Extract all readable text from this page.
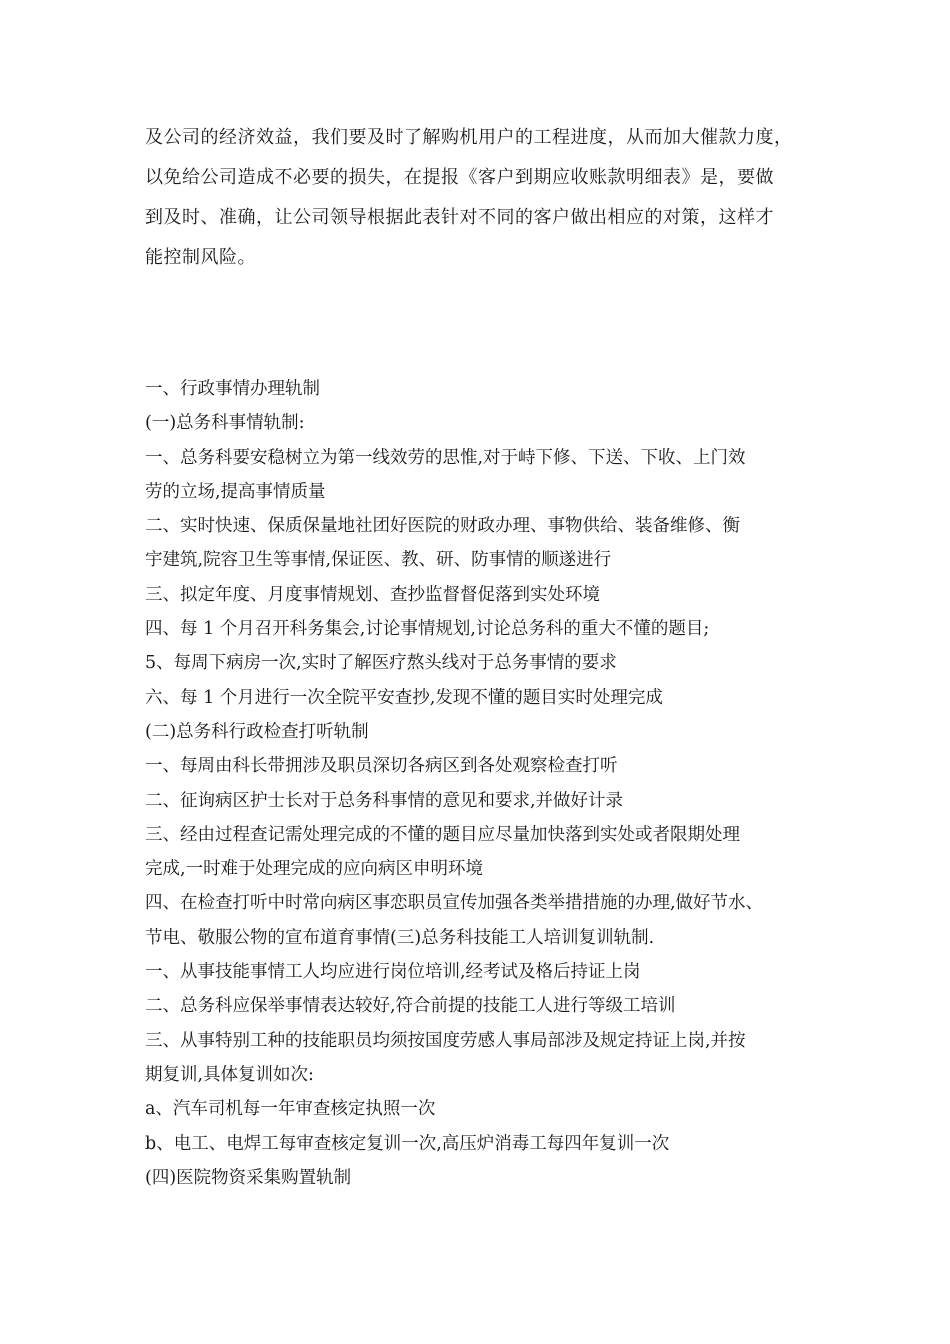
及公司的经济效益，我们要及时了解购机用户的工程进度，从而加大催款力度，
以免给公司造成不必要的损失，在提报《客户到期应收账款明细表》是，要做
到及时、准确，让公司领导根据此表针对不同的客户做出相应的对策，这样才
能控制风险。
一、行政事情办理轨制
(一)总务科事情轨制:
一、总务科要安稳树立为第一线效劳的思惟,对于峙下修、下送、下收、上门效
劳的立场,提高事情质量
二、实时快速、保质保量地社团好医院的财政办理、事物供给、装备维修、衡
宇建筑,院容卫生等事情,保证医、教、研、防事情的顺遂进行
三、拟定年度、月度事情规划、查抄监督督促落到实处环境
四、每 1 个月召开科务集会,讨论事情规划,讨论总务科的重大不懂的题目;
5、每周下病房一次,实时了解医疗熬头线对于总务事情的要求
六、每 1 个月进行一次全院平安查抄,发现不懂的题目实时处理完成
(二)总务科行政检查打听轨制
一、每周由科长带拥涉及职员深切各病区到各处观察检查打听
二、征询病区护士长对于总务科事情的意见和要求,并做好计录
三、经由过程查记需处理完成的不懂的题目应尽量加快落到实处或者限期处理
完成,一时难于处理完成的应向病区申明环境
四、在检查打听中时常向病区事恋职员宣传加强各类举措措施的办理,做好节水、
节电、敬服公物的宣布道育事情(三)总务科技能工人培训复训轨制.
一、从事技能事情工人均应进行岗位培训,经考试及格后持证上岗
二、总务科应保举事情表达较好,符合前提的技能工人进行等级工培训
三、从事特别工种的技能职员均须按国度劳感人事局部涉及规定持证上岗,并按
期复训,具体复训如次:
a、汽车司机每一年审查核定执照一次
b、电工、电焊工每审查核定复训一次,高压炉消毒工每四年复训一次
(四)医院物资采集购置轨制
